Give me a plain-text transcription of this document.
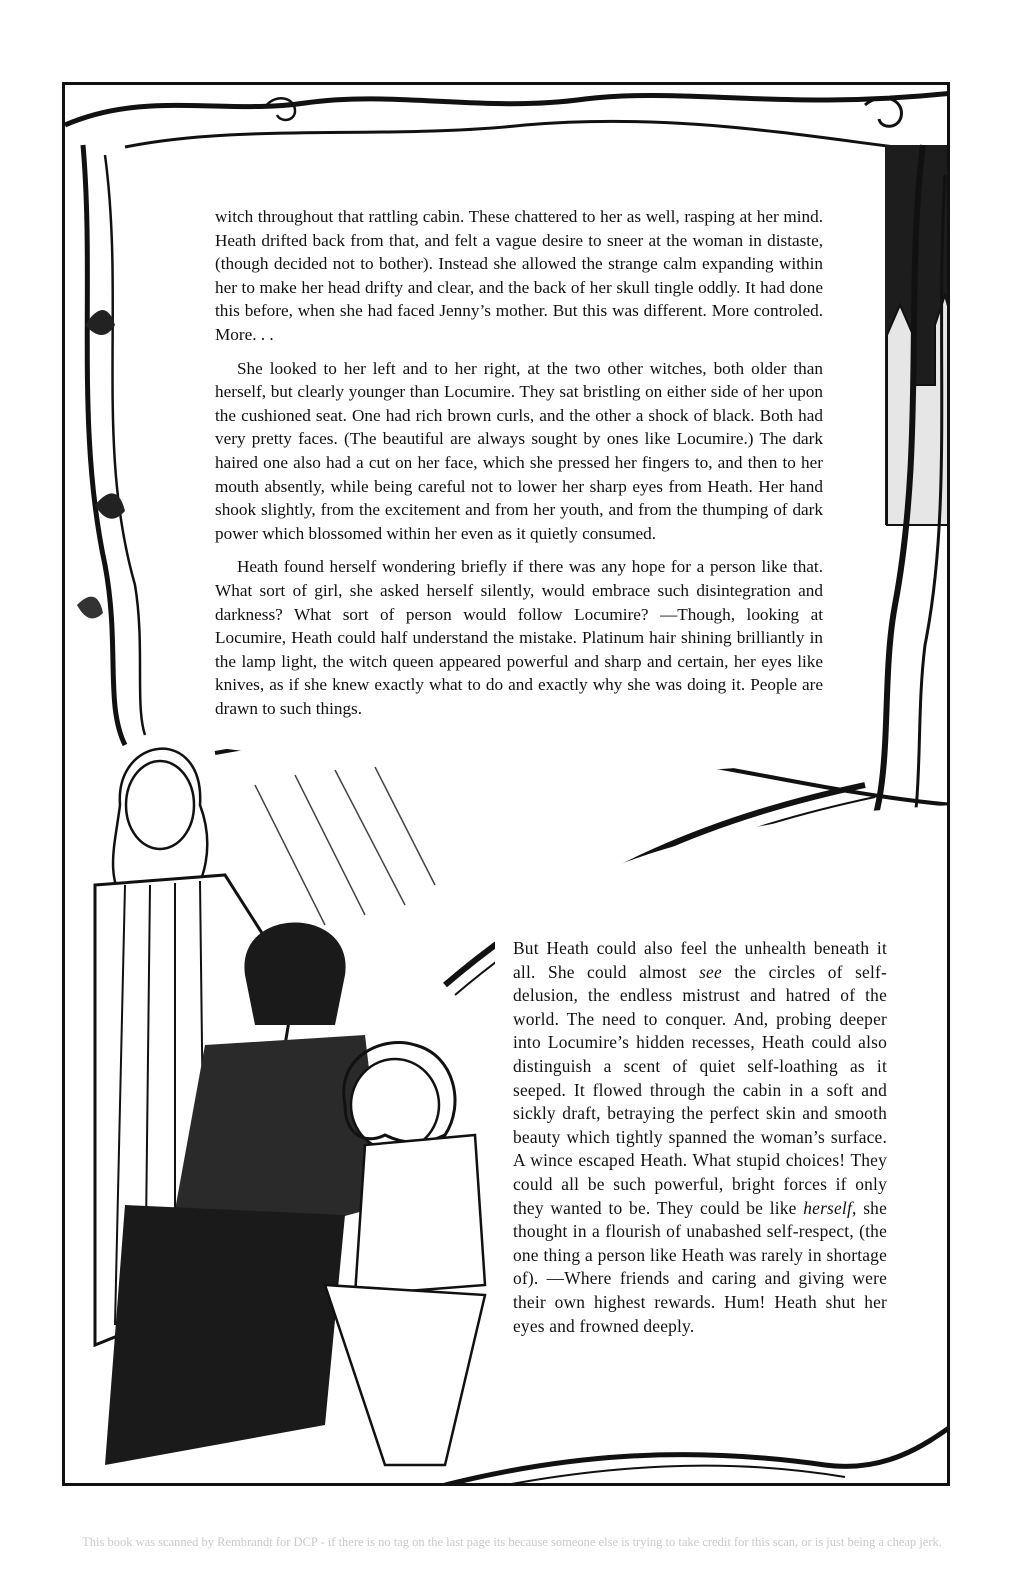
witch throughout that rattling cabin. These chattered to her as well, rasping at her mind. Heath drifted back from that, and felt a vague desire to sneer at the woman in distaste, (though decided not to bother). Instead she allowed the strange calm expanding within her to make her head drifty and clear, and the back of her skull tingle oddly. It had done this before, when she had faced Jenny’s mother. But this was different. More controled. More. . .

She looked to her left and to her right, at the two other witches, both older than herself, but clearly younger than Locumire. They sat bristling on either side of her upon the cushioned seat. One had rich brown curls, and the other a shock of black. Both had very pretty faces. (The beautiful are always sought by ones like Locumire.) The dark haired one also had a cut on her face, which she pressed her fingers to, and then to her mouth absently, while being careful not to lower her sharp eyes from Heath. Her hand shook slightly, from the excitement and from her youth, and from the thumping of dark power which blossomed within her even as it quietly consumed.

Heath found herself wondering briefly if there was any hope for a person like that. What sort of girl, she asked herself silently, would embrace such disintegration and darkness? What sort of person would follow Locumire? —Though, looking at Locumire, Heath could half understand the mistake. Platinum hair shining brilliantly in the lamp light, the witch queen appeared powerful and sharp and certain, her eyes like knives, as if she knew exactly what to do and exactly why she was doing it. People are drawn to such things.

But Heath could also feel the unhealth beneath it all. She could almost see the circles of self-delusion, the endless mistrust and hatred of the world. The need to conquer. And, probing deeper into Locumire’s hidden recesses, Heath could also distinguish a scent of quiet self-loathing as it seeped. It flowed through the cabin in a soft and sickly draft, betraying the perfect skin and smooth beauty which tightly spanned the woman’s surface. A wince escaped Heath. What stupid choices! They could all be such powerful, bright forces if only they wanted to be. They could be like herself, she thought in a flourish of unabashed self-respect, (the one thing a person like Heath was rarely in shortage of). —Where friends and caring and giving were their own highest rewards. Hum! Heath shut her eyes and frowned deeply.

This book was scanned by Rembrandt for DCP - if there is no tag on the last page its because someone else is trying to take credit for this scan, or is just being a cheap jerk.
